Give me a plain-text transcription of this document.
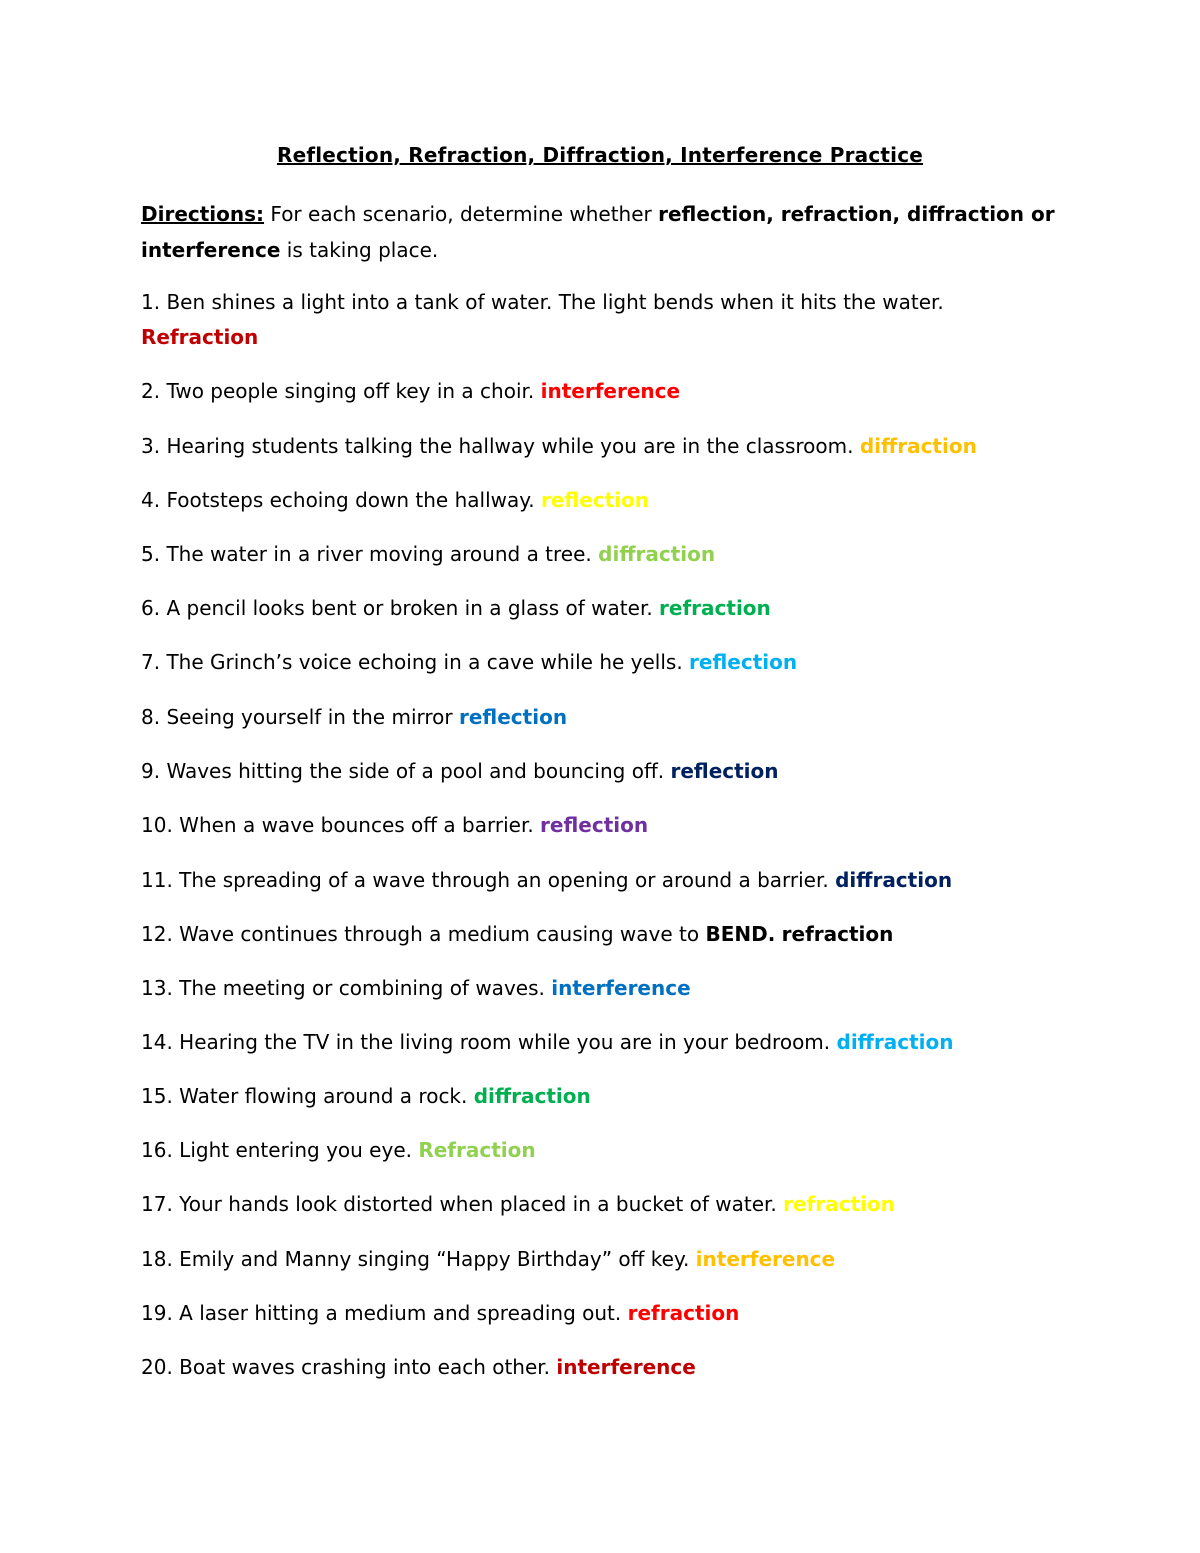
Reflection, Refraction, Diffraction, Interference Practice
Directions: For each scenario, determine whether reflection, refraction, diffraction or interference is taking place.
1. Ben shines a light into a tank of water. The light bends when it hits the water.
Refraction
2. Two people singing off key in a choir. interference
3. Hearing students talking the hallway while you are in the classroom. diffraction
4. Footsteps echoing down the hallway. reflection
5. The water in a river moving around a tree. diffraction
6. A pencil looks bent or broken in a glass of water. refraction
7. The Grinch’s voice echoing in a cave while he yells. reflection
8. Seeing yourself in the mirror reflection
9. Waves hitting the side of a pool and bouncing off. reflection
10. When a wave bounces off a barrier. reflection
11. The spreading of a wave through an opening or around a barrier. diffraction
12. Wave continues through a medium causing wave to BEND. refraction
13. The meeting or combining of waves. interference
14. Hearing the TV in the living room while you are in your bedroom. diffraction
15. Water flowing around a rock. diffraction
16. Light entering you eye. Refraction
17. Your hands look distorted when placed in a bucket of water. refraction
18. Emily and Manny singing “Happy Birthday” off key. interference
19. A laser hitting a medium and spreading out. refraction
20. Boat waves crashing into each other. interference
